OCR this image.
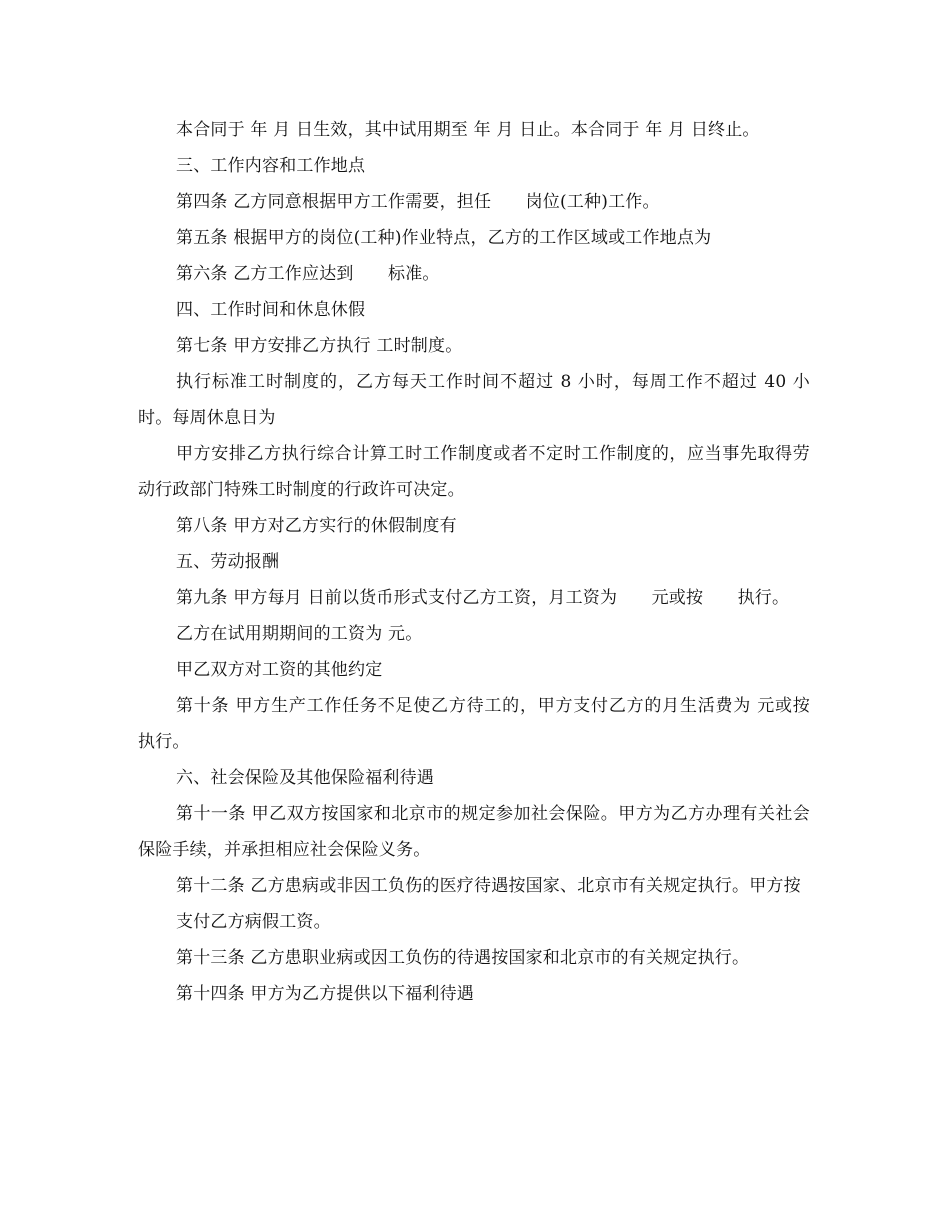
本合同于 年 月 日生效，其中试用期至 年 月 日止。本合同于 年 月 日终止。

三、工作内容和工作地点

第四条 乙方同意根据甲方工作需要，担任　　岗位(工种)工作。

第五条 根据甲方的岗位(工种)作业特点，乙方的工作区域或工作地点为

第六条 乙方工作应达到　　标准。

四、工作时间和休息休假

第七条 甲方安排乙方执行 工时制度。

执行标准工时制度的，乙方每天工作时间不超过 8 小时，每周工作不超过 40 小时。每周休息日为

甲方安排乙方执行综合计算工时工作制度或者不定时工作制度的，应当事先取得劳动行政部门特殊工时制度的行政许可决定。

第八条 甲方对乙方实行的休假制度有

五、劳动报酬

第九条 甲方每月 日前以货币形式支付乙方工资，月工资为　　元或按　　执行。

乙方在试用期期间的工资为 元。

甲乙双方对工资的其他约定

第十条 甲方生产工作任务不足使乙方待工的，甲方支付乙方的月生活费为 元或按　　执行。

六、社会保险及其他保险福利待遇

第十一条 甲乙双方按国家和北京市的规定参加社会保险。甲方为乙方办理有关社会保险手续，并承担相应社会保险义务。

第十二条 乙方患病或非因工负伤的医疗待遇按国家、北京市有关规定执行。甲方按

支付乙方病假工资。

第十三条 乙方患职业病或因工负伤的待遇按国家和北京市的有关规定执行。

第十四条 甲方为乙方提供以下福利待遇
